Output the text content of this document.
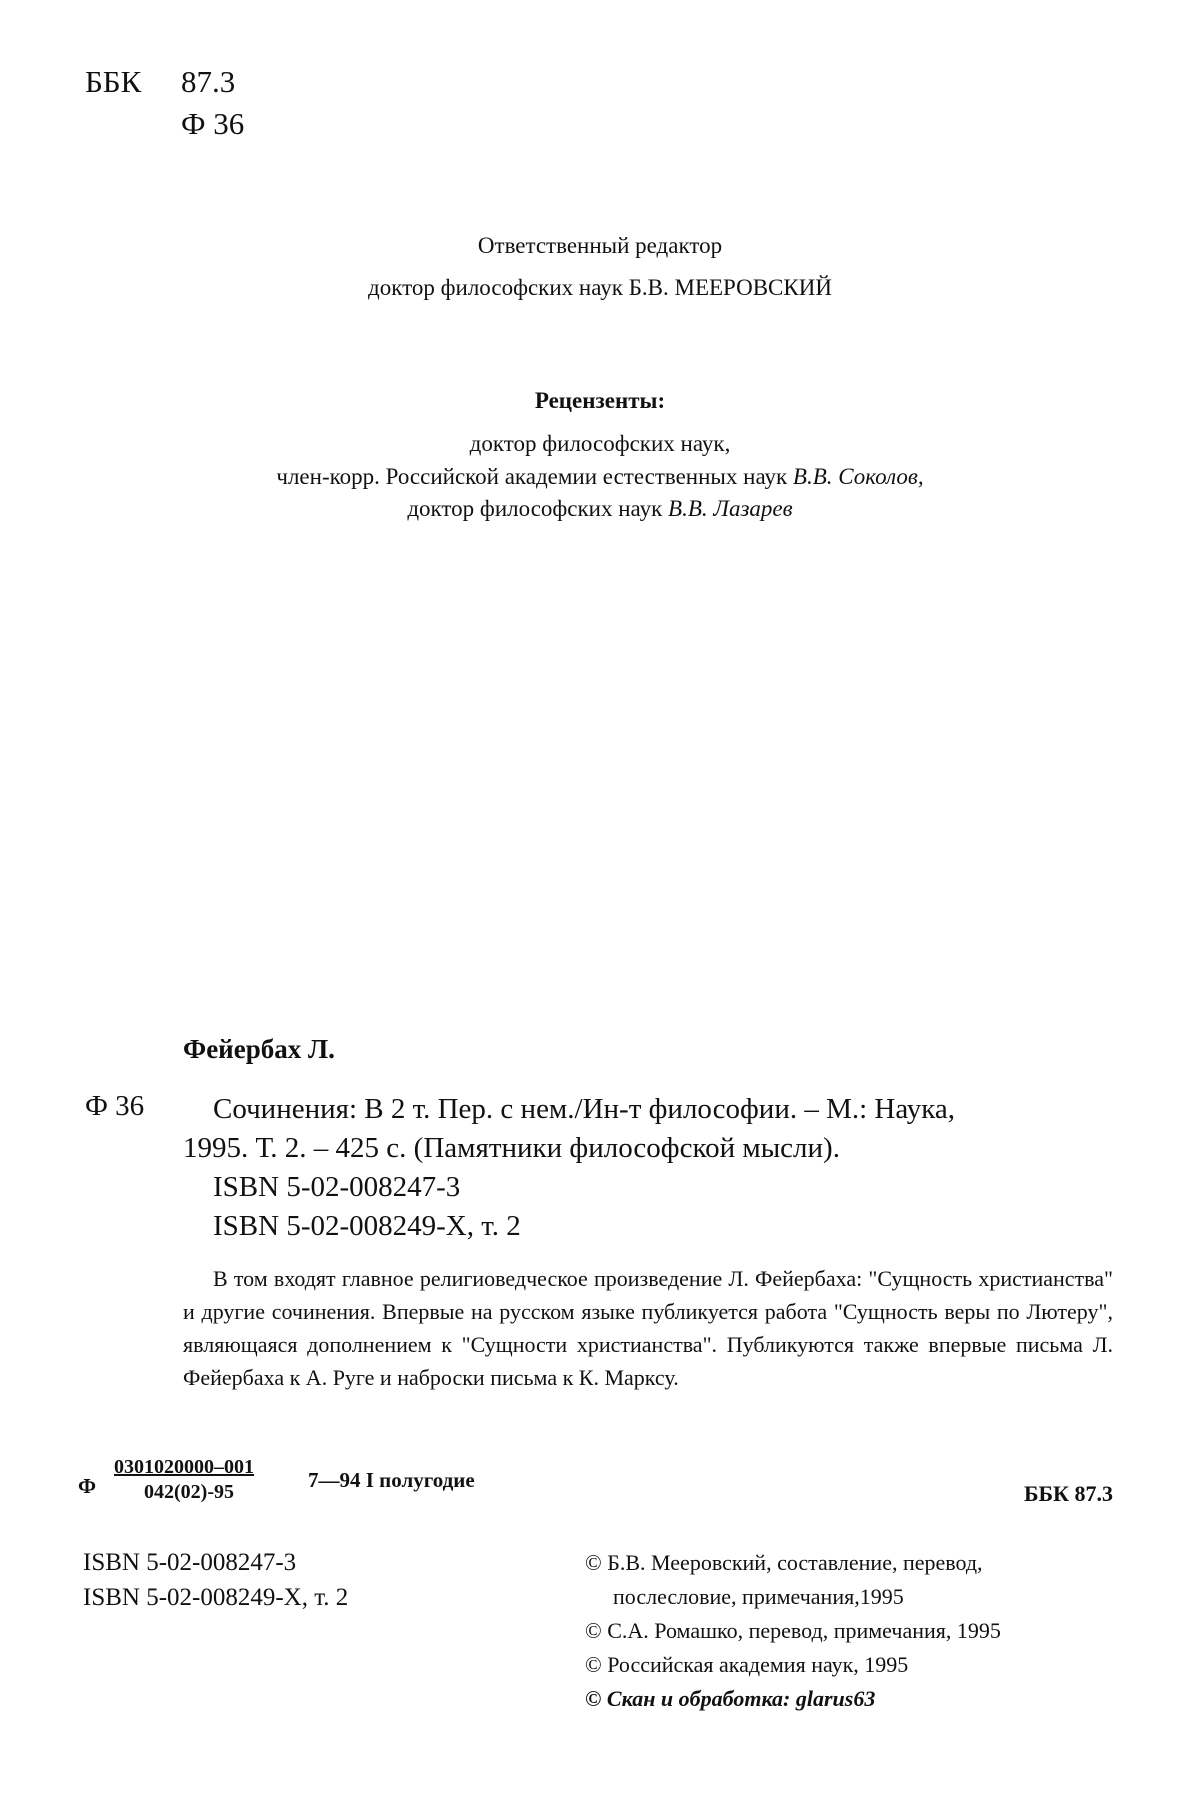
ББК 87.3
Ф 36
Ответственный редактор
доктор философских наук Б.В. МЕЕРОВСКИЙ
Рецензенты:
доктор философских наук,
член-корр. Российской академии естественных наук В.В. Соколов,
доктор философских наук В.В. Лазарев
Фейербах Л.
Ф 36	Сочинения: В 2 т. Пер. с нем./Ин-т философии. – М.: Наука,
1995. Т. 2. – 425 с. (Памятники философской мысли).
ISBN 5-02-008247-3
ISBN 5-02-008249-Х, т. 2
В том входят главное религиоведческое произведение Л. Фейербаха: "Сущность христианства" и другие сочинения. Впервые на русском языке публикуется работа "Сущность веры по Лютеру", являющаяся дополнением к "Сущности христианства". Публикуются также впервые письма Л. Фейербаха к А. Руге и наброски письма к К. Марксу.
Ф $\frac{0301020000-001}{042(02)-95}$	7—94 I полугодие
ББК 87.3
ISBN 5-02-008247-3
ISBN 5-02-008249-Х, т. 2
© Б.В. Мееровский, составление, перевод,
послесловие, примечания,1995
© С.А. Ромашко, перевод, примечания, 1995
© Российская академия наук, 1995
© Скан и обработка: glarus63
